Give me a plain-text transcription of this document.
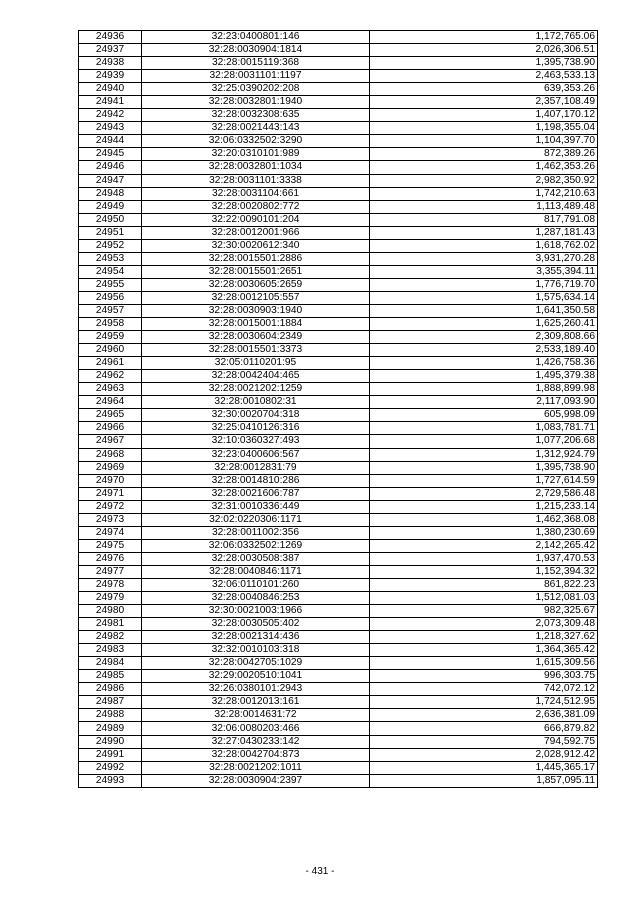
24936	32:23:0400801:146	1,172,765.06
24937	32:28:0030904:1814	2,026,306.51
24938	32:28:0015119:368	1,395,738.90
24939	32:28:0031101:1197	2,463,533.13
24940	32:25:0390202:208	639,353.26
24941	32:28:0032801:1940	2,357,108.49
24942	32:28:0032308:635	1,407,170.12
24943	32:28:0021443:143	1,198,355.04
24944	32:06:0332502:3290	1,104,397.70
24945	32:20:0310101:989	872,389.26
24946	32:28:0032801:1034	1,462,353.26
24947	32:28:0031101:3338	2,982,350.92
24948	32:28:0031104:661	1,742,210.63
24949	32:28:0020802:772	1,113,489.48
24950	32:22:0090101:204	817,791.08
24951	32:28:0012001:966	1,287,181.43
24952	32:30:0020612:340	1,618,762.02
24953	32:28:0015501:2886	3,931,270.28
24954	32:28:0015501:2651	3,355,394.11
24955	32:28:0030605:2659	1,776,719.70
24956	32:28:0012105:557	1,575,634.14
24957	32:28:0030903:1940	1,641,350.58
24958	32:28:0015001:1884	1,625,260.41
24959	32:28:0030604:2349	2,309,808.66
24960	32:28:0015501:3373	2,533,189.40
24961	32:05:0110201:95	1,426,758.36
24962	32:28:0042404:465	1,495,379.38
24963	32:28:0021202:1259	1,888,899.98
24964	32:28:0010802:31	2,117,093.90
24965	32:30:0020704:318	605,998.09
24966	32:25:0410126:316	1,083,781.71
24967	32:10:0360327:493	1,077,206.68
24968	32:23:0400606:567	1,312,924.79
24969	32:28:0012831:79	1,395,738.90
24970	32:28:0014810:286	1,727,614.59
24971	32:28:0021606:787	2,729,586.48
24972	32:31:0010336:449	1,215,233.14
24973	32:02:0220306:1171	1,462,368.08
24974	32:28:0011002:356	1,380,230.69
24975	32:06:0332502:1269	2,142,265.42
24976	32:28:0030508:387	1,937,470.53
24977	32:28:0040846:1171	1,152,394.32
24978	32:06:0110101:260	861,822.23
24979	32:28:0040846:253	1,512,081.03
24980	32:30:0021003:1966	982,325.67
24981	32:28:0030505:402	2,073,309.48
24982	32:28:0021314:436	1,218,327.62
24983	32:32:0010103:318	1,364,365.42
24984	32:28:0042705:1029	1,615,309.56
24985	32:29:0020510:1041	996,303.75
24986	32:26:0380101:2943	742,072.12
24987	32:28:0012013:161	1,724,512.95
24988	32:28:0014631:72	2,636,381.09
24989	32:06:0080203:466	666,879.82
24990	32:27:0430233:142	794,592.75
24991	32:28:0042704:873	2,028,912.42
24992	32:28:0021202:1011	1,445,365.17
24993	32:28:0030904:2397	1,857,095.11
- 431 -
